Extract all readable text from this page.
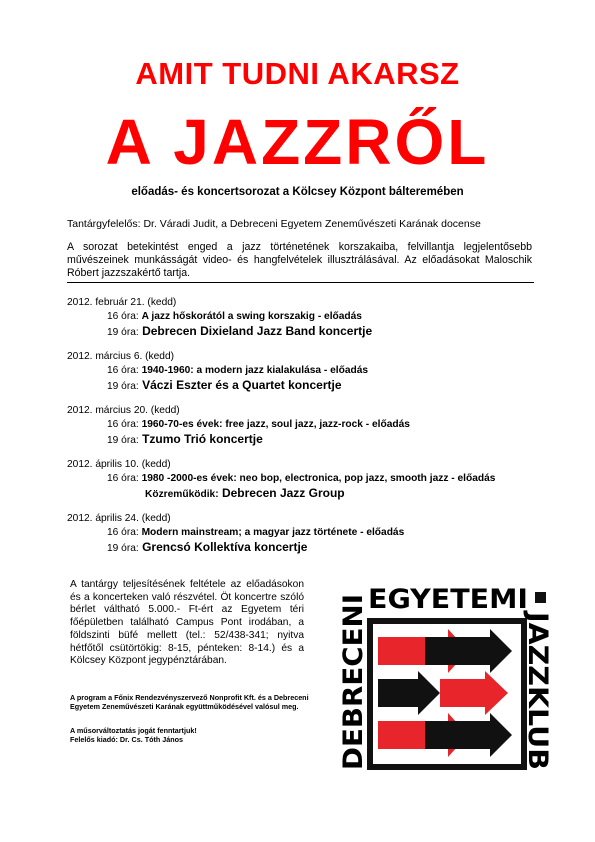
AMIT TUDNI AKARSZ
A JAZZRŐL
előadás- és koncertsorozat a Kölcsey Központ bálteremében
Tantárgyfelelős: Dr. Váradi Judit, a Debreceni Egyetem Zeneművészeti Karának docense
A sorozat betekintést enged a jazz történetének korszakaiba, felvillantja legjelentősebb művészeinek munkásságát video- és hangfelvételek illusztrálásával. Az előadásokat Maloschik Róbert jazzszakértő tartja.
2012. február 21. (kedd)
16 óra: A jazz hőskorától a swing korszakig - előadás
19 óra: Debrecen Dixieland Jazz Band koncertje
2012. március 6. (kedd)
16 óra: 1940-1960: a modern jazz kialakulása - előadás
19 óra: Váczi Eszter és a Quartet koncertje
2012. március 20. (kedd)
16 óra: 1960-70-es évek: free jazz, soul jazz, jazz-rock - előadás
19 óra: Tzumo Trió koncertje
2012. április 10. (kedd)
16 óra: 1980 -2000-es évek: neo bop, electronica, pop jazz, smooth jazz - előadás
Közreműködik: Debrecen Jazz Group
2012. április 24. (kedd)
16 óra: Modern mainstream; a magyar jazz története - előadás
19 óra: Grencsó Kollektíva koncertje
A tantárgy teljesítésének feltétele az előadásokon és a koncerteken való részvétel. Öt koncertre szóló bérlet váltható 5.000.- Ft-ért az Egyetem téri főépületben található Campus Pont irodában, a földszinti büfé mellett (tel.: 52/438-341; nyitva hétfőtől csütörtökig: 8-15, pénteken: 8-14.) és a Kölcsey Központ jegypénztárában.
A program a Főnix Rendezvényszervező Nonprofit Kft. és a Debreceni Egyetem Zeneművészeti Karának együttműködésével valósul meg.
A műsorváltoztatás jogát fenntartjuk!
Felelős kiadó: Dr. Cs. Tóth János
EGYETEMI
DEBRECENI	JAZZKLUB
